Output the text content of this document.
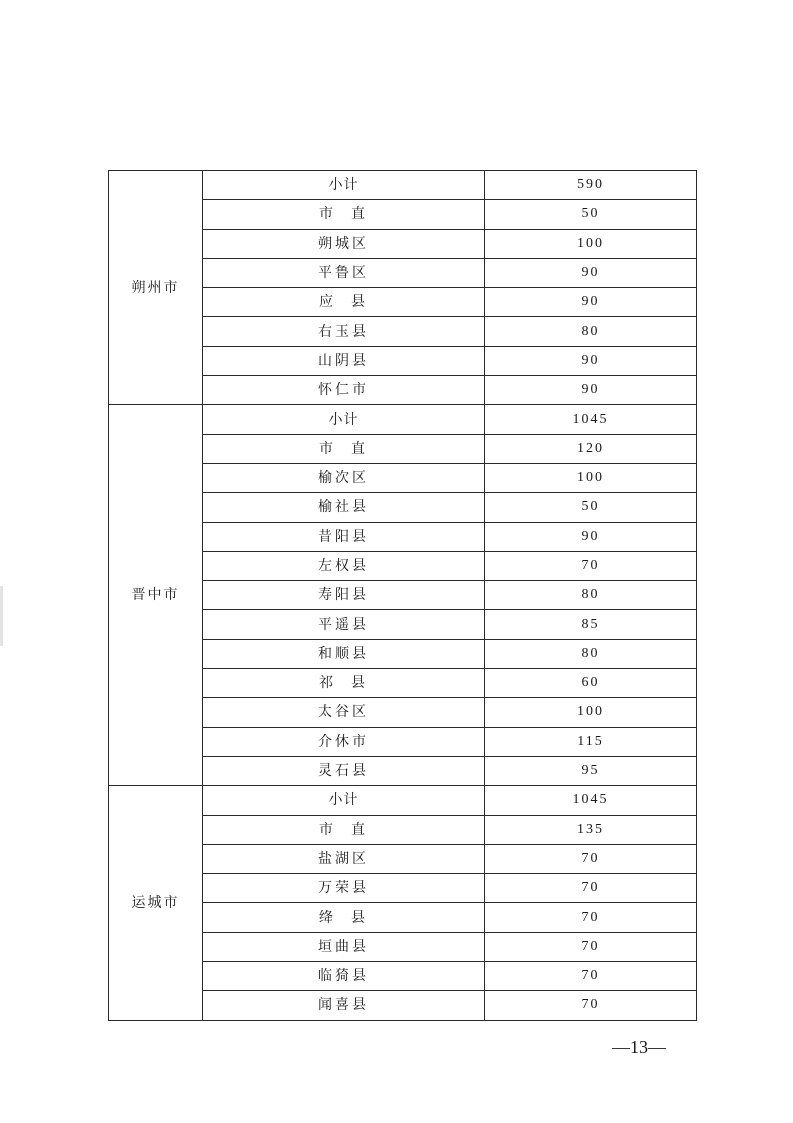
朔州市	小计	590
	市  直	50
	朔城区	100
	平鲁区	90
	应  县	90
	右玉县	80
	山阴县	90
	怀仁市	90
晋中市	小计	1045
	市  直	120
	榆次区	100
	榆社县	50
	昔阳县	90
	左权县	70
	寿阳县	80
	平遥县	85
	和顺县	80
	祁  县	60
	太谷区	100
	介休市	115
	灵石县	95
运城市	小计	1045
	市  直	135
	盐湖区	70
	万荣县	70
	绛  县	70
	垣曲县	70
	临猗县	70
	闻喜县	70
—13—
